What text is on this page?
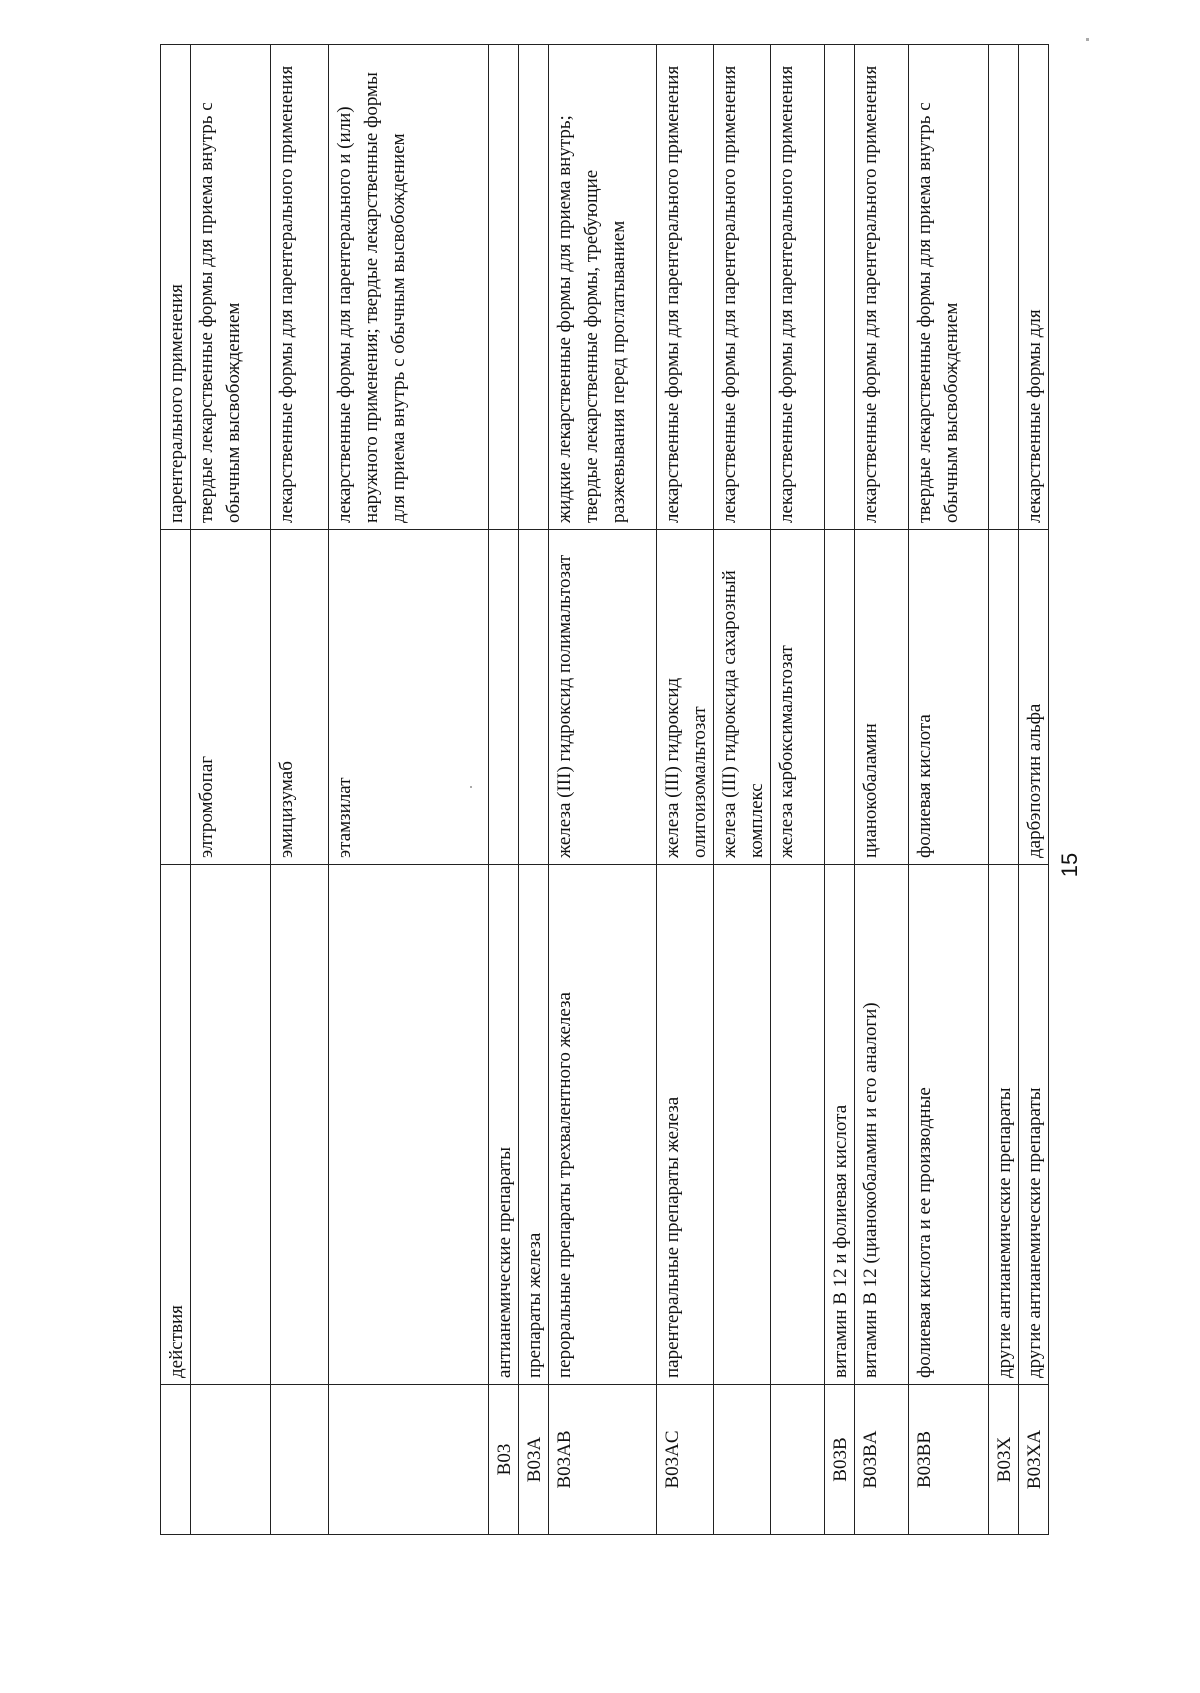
	действия		парентерального применения
		элтромбопаг	твердые лекарственные формы для приема внутрь с обычным высвобождением
		эмицизумаб	лекарственные формы для парентерального применения
		этамзилат	лекарственные формы для парентерального и (или) наружного применения; твердые лекарственные формы для приема внутрь с обычным высвобождением
B03	антианемические препараты		
B03A	препараты железа		
B03AB	пероральные препараты трехвалентного железа	железа (III) гидроксид полимальтозат	жидкие лекарственные формы для приема внутрь; твердые лекарственные формы, требующие разжевывания перед проглатыванием
B03AC	парентеральные препараты железа	железа (III) гидроксид олигоизомальтозат	лекарственные формы для парентерального применения
		железа (III) гидроксида сахарозный комплекс	лекарственные формы для парентерального применения
		железа карбоксимальтозат	лекарственные формы для парентерального применения
B03B	витамин B 12 и фолиевая кислота		
B03BA	витамин B 12 (цианокобаламин и его аналоги)	цианокобаламин	лекарственные формы для парентерального применения
B03BB	фолиевая кислота и ее производные	фолиевая кислота	твердые лекарственные формы для приема внутрь с обычным высвобождением
B03X	другие антианемические препараты		
B03XA	другие антианемические препараты	дарбэпоэтин альфа	лекарственные формы для
15
